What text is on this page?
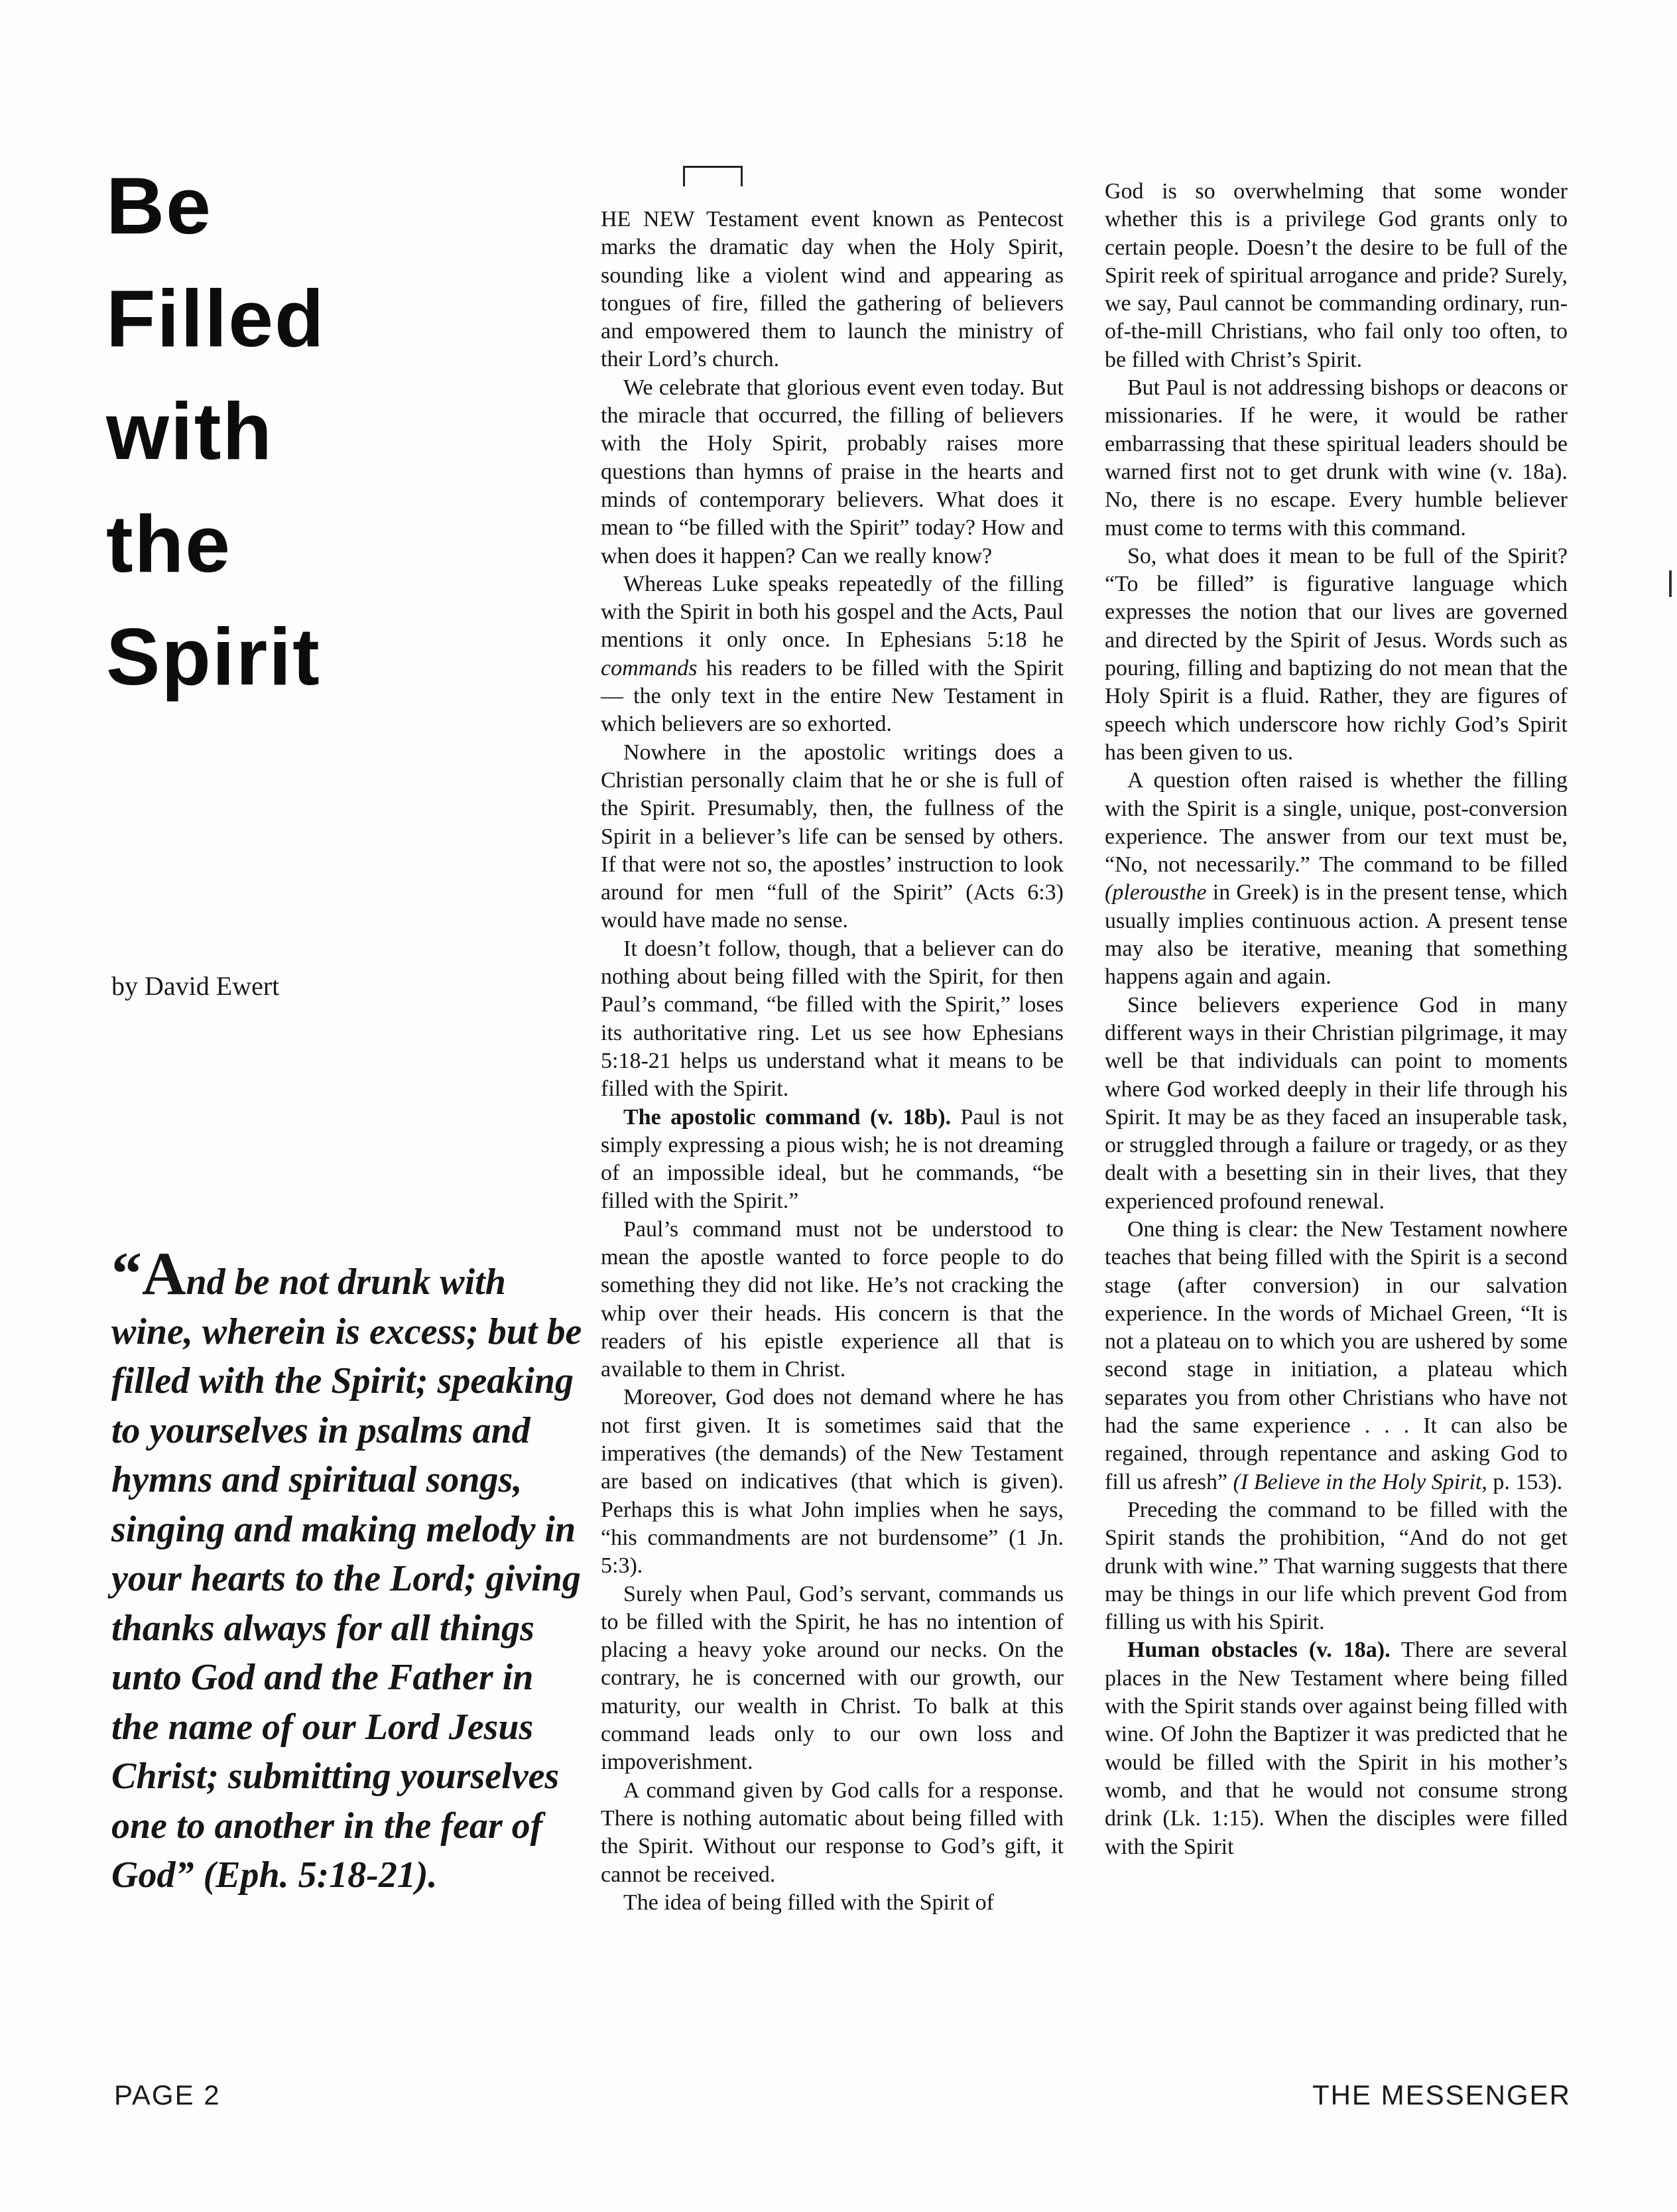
Be
Filled
with
the
Spirit
by David Ewert
“And be not drunk with wine, wherein is excess; but be filled with the Spirit; speaking to yourselves in psalms and hymns and spiritual songs, singing and making melody in your hearts to the Lord; giving thanks always for all things unto God and the Father in the name of our Lord Jesus Christ; submitting yourselves one to another in the fear of God” (Eph. 5:18-21).
PAGE 2	THE MESSENGER

HE NEW Testament event known as Pentecost marks the dramatic day when the Holy Spirit, sounding like a violent wind and appearing as tongues of fire, filled the gathering of believers and empowered them to launch the ministry of their Lord’s church.

We celebrate that glorious event even today. But the miracle that occurred, the filling of believers with the Holy Spirit, probably raises more questions than hymns of praise in the hearts and minds of contemporary believers. What does it mean to “be filled with the Spirit” today? How and when does it happen? Can we really know?

Whereas Luke speaks repeatedly of the filling with the Spirit in both his gospel and the Acts, Paul mentions it only once. In Ephesians 5:18 he commands his readers to be filled with the Spirit — the only text in the entire New Testament in which believers are so exhorted.

Nowhere in the apostolic writings does a Christian personally claim that he or she is full of the Spirit. Presumably, then, the fullness of the Spirit in a believer’s life can be sensed by others. If that were not so, the apostles’ instruction to look around for men “full of the Spirit” (Acts 6:3) would have made no sense.

It doesn’t follow, though, that a believer can do nothing about being filled with the Spirit, for then Paul’s command, “be filled with the Spirit,” loses its authoritative ring. Let us see how Ephesians 5:18-21 helps us understand what it means to be filled with the Spirit.

The apostolic command (v. 18b). Paul is not simply expressing a pious wish; he is not dreaming of an impossible ideal, but he commands, “be filled with the Spirit.”

Paul’s command must not be understood to mean the apostle wanted to force people to do something they did not like. He’s not cracking the whip over their heads. His concern is that the readers of his epistle experience all that is available to them in Christ.

Moreover, God does not demand where he has not first given. It is sometimes said that the imperatives (the demands) of the New Testament are based on indicatives (that which is given). Perhaps this is what John implies when he says, “his commandments are not burdensome” (1 Jn. 5:3).

Surely when Paul, God’s servant, commands us to be filled with the Spirit, he has no intention of placing a heavy yoke around our necks. On the contrary, he is concerned with our growth, our maturity, our wealth in Christ. To balk at this command leads only to our own loss and impoverishment.

A command given by God calls for a response. There is nothing automatic about being filled with the Spirit. Without our response to God’s gift, it cannot be received.

The idea of being filled with the Spirit of

God is so overwhelming that some wonder whether this is a privilege God grants only to certain people. Doesn’t the desire to be full of the Spirit reek of spiritual arrogance and pride? Surely, we say, Paul cannot be commanding ordinary, run-of-the-mill Christians, who fail only too often, to be filled with Christ’s Spirit.

But Paul is not addressing bishops or deacons or missionaries. If he were, it would be rather embarrassing that these spiritual leaders should be warned first not to get drunk with wine (v. 18a). No, there is no escape. Every humble believer must come to terms with this command.

So, what does it mean to be full of the Spirit? “To be filled” is figurative language which expresses the notion that our lives are governed and directed by the Spirit of Jesus. Words such as pouring, filling and baptizing do not mean that the Holy Spirit is a fluid. Rather, they are figures of speech which underscore how richly God’s Spirit has been given to us.

A question often raised is whether the filling with the Spirit is a single, unique, post-conversion experience. The answer from our text must be, “No, not necessarily.” The command to be filled (plerousthe in Greek) is in the present tense, which usually implies continuous action. A present tense may also be iterative, meaning that something happens again and again.

Since believers experience God in many different ways in their Christian pilgrimage, it may well be that individuals can point to moments where God worked deeply in their life through his Spirit. It may be as they faced an insuperable task, or struggled through a failure or tragedy, or as they dealt with a besetting sin in their lives, that they experienced profound renewal.

One thing is clear: the New Testament nowhere teaches that being filled with the Spirit is a second stage (after conversion) in our salvation experience. In the words of Michael Green, “It is not a plateau on to which you are ushered by some second stage in initiation, a plateau which separates you from other Christians who have not had the same experience . . . It can also be regained, through repentance and asking God to fill us afresh” (I Believe in the Holy Spirit, p. 153).

Preceding the command to be filled with the Spirit stands the prohibition, “And do not get drunk with wine.” That warning suggests that there may be things in our life which prevent God from filling us with his Spirit.

Human obstacles (v. 18a). There are several places in the New Testament where being filled with the Spirit stands over against being filled with wine. Of John the Baptizer it was predicted that he would be filled with the Spirit in his mother’s womb, and that he would not consume strong drink (Lk. 1:15). When the disciples were filled with the Spirit
